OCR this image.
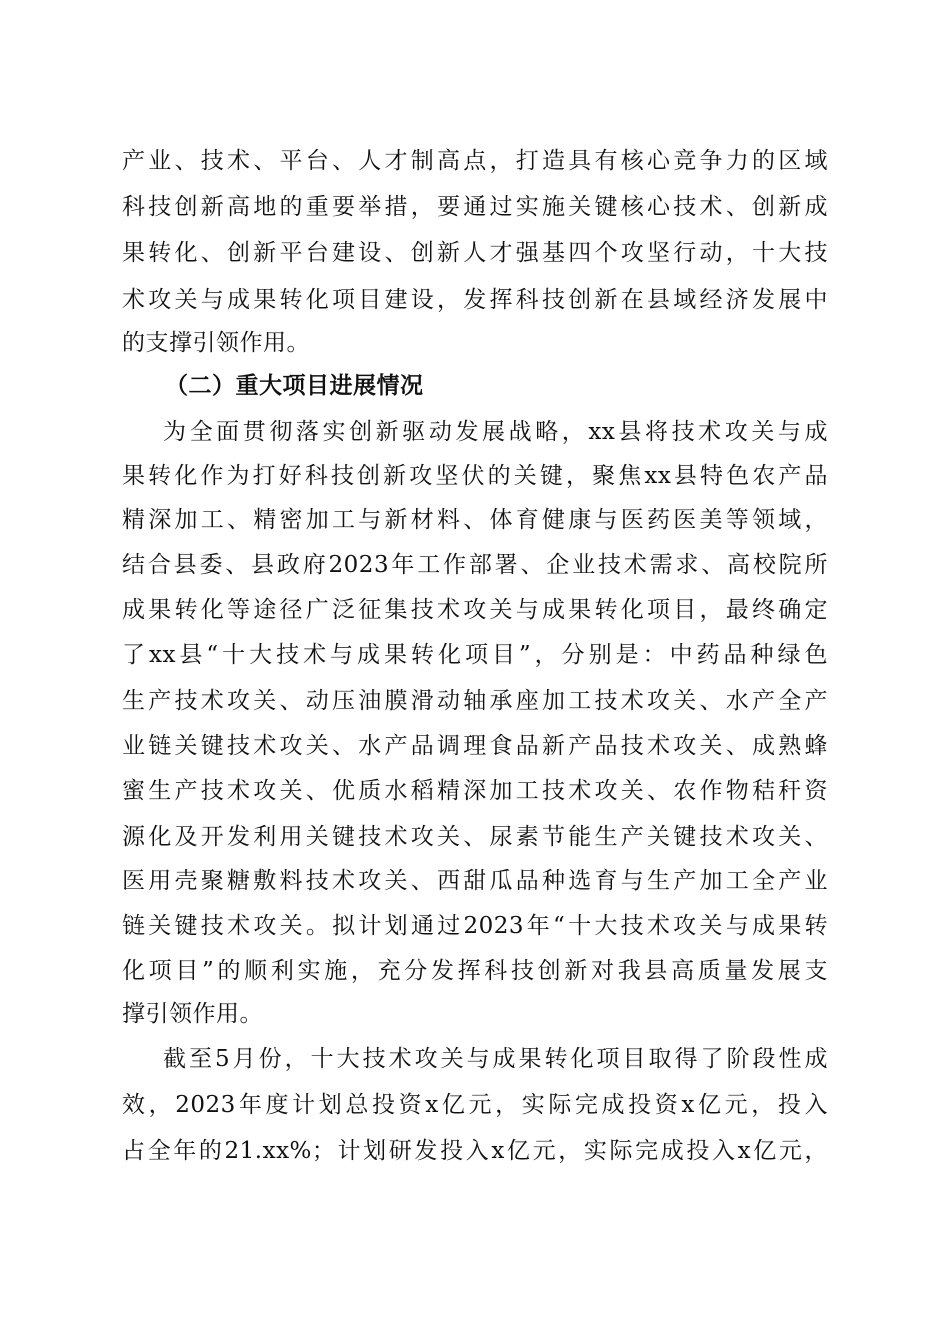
产业、技术、平台、人才制高点，打造具有核心竞争力的区域
科技创新高地的重要举措，要通过实施关键核心技术、创新成
果转化、创新平台建设、创新人才强基四个攻坚行动，十大技
术攻关与成果转化项目建设，发挥科技创新在县域经济发展中
的支撑引领作用。
（二）重大项目进展情况
为全面贯彻落实创新驱动发展战略，xx县将技术攻关与成
果转化作为打好科技创新攻坚伏的关键，聚焦xx县特色农产品
精深加工、精密加工与新材料、体育健康与医药医美等领域，
结合县委、县政府2023年工作部署、企业技术需求、高校院所
成果转化等途径广泛征集技术攻关与成果转化项目，最终确定
了xx县“十大技术与成果转化项目”，分别是：中药品种绿色
生产技术攻关、动压油膜滑动轴承座加工技术攻关、水产全产
业链关键技术攻关、水产品调理食品新产品技术攻关、成熟蜂
蜜生产技术攻关、优质水稻精深加工技术攻关、农作物秸秆资
源化及开发利用关键技术攻关、尿素节能生产关键技术攻关、
医用壳聚糖敷料技术攻关、西甜瓜品种选育与生产加工全产业
链关键技术攻关。拟计划通过2023年“十大技术攻关与成果转
化项目”的顺利实施，充分发挥科技创新对我县高质量发展支
撑引领作用。
截至5月份，十大技术攻关与成果转化项目取得了阶段性成
效，2023年度计划总投资x亿元，实际完成投资x亿元，投入
占全年的21.xx%；计划研发投入x亿元，实际完成投入x亿元，
